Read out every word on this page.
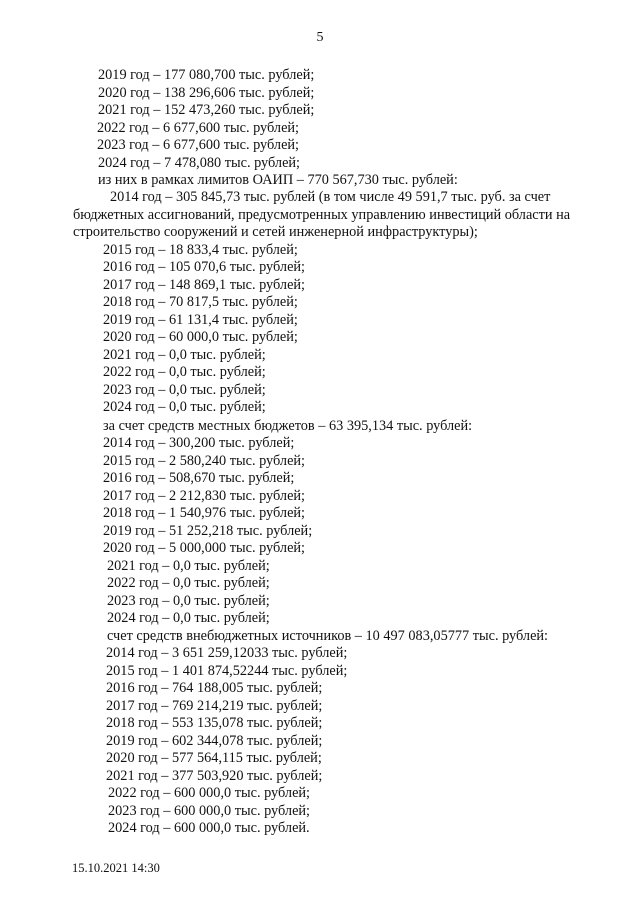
5
2019 год – 177 080,700 тыс. рублей;
2020 год – 138 296,606 тыс. рублей;
2021 год – 152 473,260 тыс. рублей;
2022 год – 6 677,600 тыс. рублей;
2023 год – 6 677,600 тыс. рублей;
2024 год – 7 478,080 тыс. рублей;
из них в рамках лимитов ОАИП – 770 567,730 тыс. рублей:
2014 год – 305 845,73 тыс. рублей (в том числе 49 591,7 тыс. руб. за счет
бюджетных ассигнований, предусмотренных управлению инвестиций области на
строительство сооружений и сетей инженерной инфраструктуры);
2015 год – 18 833,4 тыс. рублей;
2016 год – 105 070,6 тыс. рублей;
2017 год – 148 869,1 тыс. рублей;
2018 год – 70 817,5 тыс. рублей;
2019 год – 61 131,4 тыс. рублей;
2020 год – 60 000,0 тыс. рублей;
2021 год – 0,0 тыс. рублей;
2022 год – 0,0 тыс. рублей;
2023 год – 0,0 тыс. рублей;
2024 год – 0,0 тыс. рублей;
за счет средств местных бюджетов – 63 395,134 тыс. рублей:
2014 год – 300,200 тыс. рублей;
2015 год – 2 580,240 тыс. рублей;
2016 год – 508,670 тыс. рублей;
2017 год – 2 212,830 тыс. рублей;
2018 год – 1 540,976 тыс. рублей;
2019 год – 51 252,218 тыс. рублей;
2020 год – 5 000,000 тыс. рублей;
2021 год – 0,0 тыс. рублей;
2022 год – 0,0 тыс. рублей;
2023 год – 0,0 тыс. рублей;
2024 год – 0,0 тыс. рублей;
счет средств внебюджетных источников – 10 497 083,05777 тыс. рублей:
2014 год – 3 651 259,12033 тыс. рублей;
2015 год – 1 401 874,52244 тыс. рублей;
2016 год – 764 188,005 тыс. рублей;
2017 год – 769 214,219 тыс. рублей;
2018 год – 553 135,078 тыс. рублей;
2019 год – 602 344,078 тыс. рублей;
2020 год – 577 564,115 тыс. рублей;
2021 год – 377 503,920 тыс. рублей;
2022 год – 600 000,0 тыс. рублей;
2023 год – 600 000,0 тыс. рублей;
2024 год – 600 000,0 тыс. рублей.
15.10.2021 14:30
